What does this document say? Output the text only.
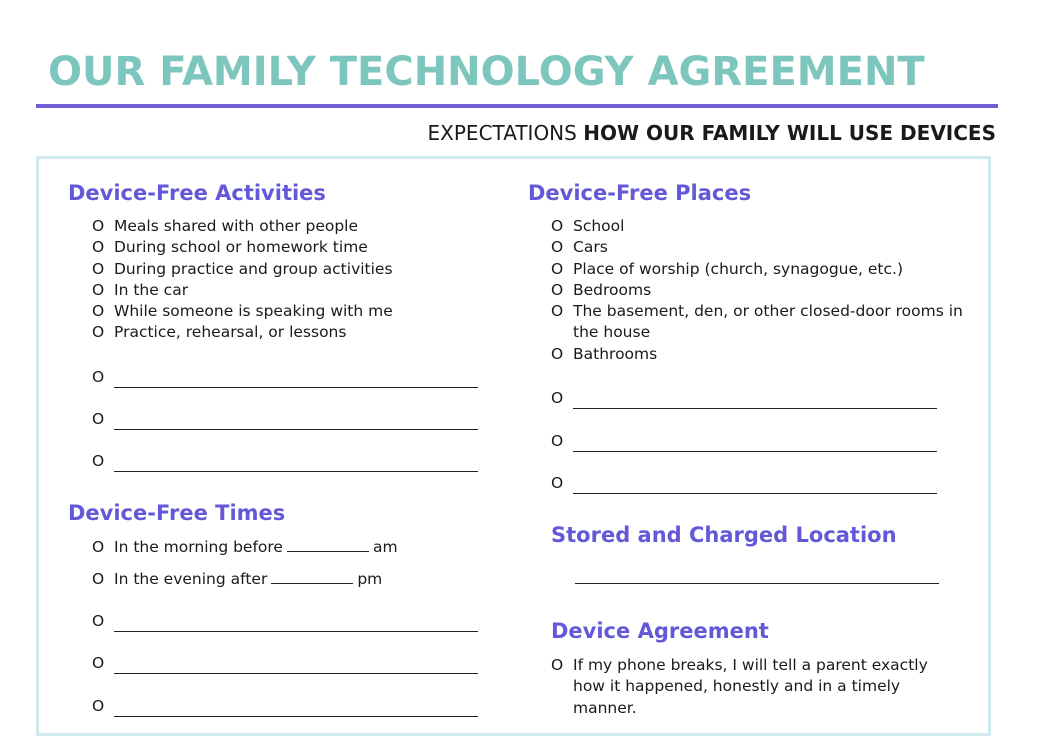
OUR FAMILY TECHNOLOGY AGREEMENT
EXPECTATIONS HOW OUR FAMILY WILL USE DEVICES
Device-Free Activities
O Meals shared with other people
O During school or homework time
O During practice and group activities
O In the car
O While someone is speaking with me
O Practice, rehearsal, or lessons
O
O
O
Device-Free Times
O In the morning before	am
O In the evening after	pm
O
O
O
Device-Free Places
O School
O Cars
O Place of worship (church, synagogue, etc.)
O Bedrooms
O The basement, den, or other closed-door rooms in the house
O Bathrooms
O
O
O
Stored and Charged Location
Device Agreement
O If my phone breaks, I will tell a parent exactly how it happened, honestly and in a timely manner.
